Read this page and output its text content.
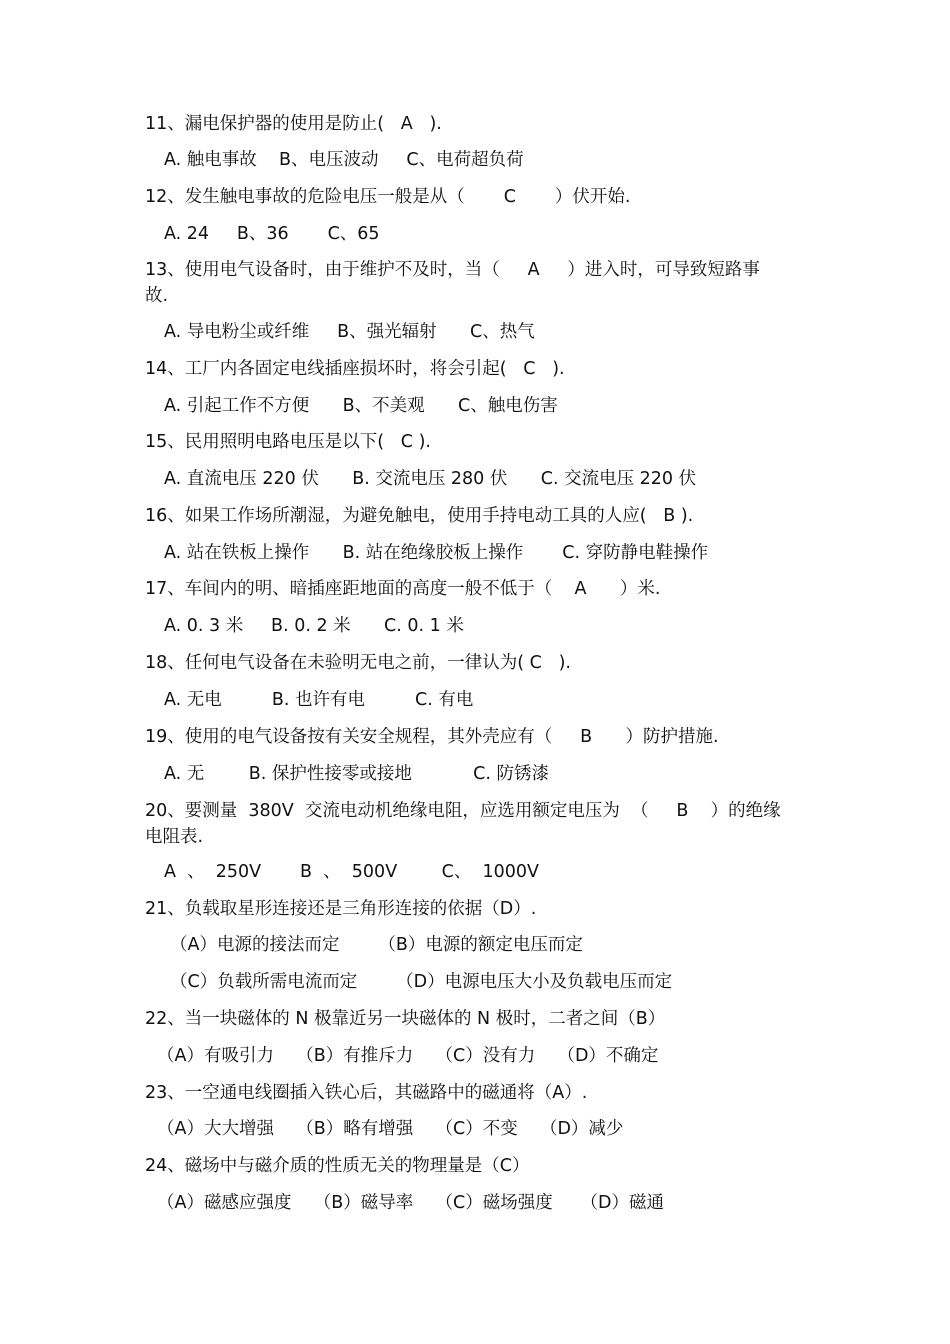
11、漏电保护器的使用是防止(   A   ).
A. 触电事故    B、电压波动     C、电荷超负荷
12、发生触电事故的危险电压一般是从（       C       ）伏开始.
A. 24     B、36       C、65
13、使用电气设备时，由于维护不及时，当（     A     ）进入时，可导致短路事
故.
A. 导电粉尘或纤维     B、强光辐射      C、热气
14、工厂内各固定电线插座损坏时，将会引起(   C   ).
A. 引起工作不方便      B、不美观      C、触电伤害
15、民用照明电路电压是以下(   C ).
A. 直流电压 220 伏      B. 交流电压 280 伏      C. 交流电压 220 伏
16、如果工作场所潮湿，为避免触电，使用手持电动工具的人应(   B ).
A. 站在铁板上操作      B. 站在绝缘胶板上操作       C. 穿防静电鞋操作
17、车间内的明、暗插座距地面的高度一般不低于（    A      ）米.
A. 0. 3 米     B. 0. 2 米      C. 0. 1 米
18、任何电气设备在未验明无电之前，一律认为( C   ).
A. 无电         B. 也许有电         C. 有电
19、使用的电气设备按有关安全规程，其外壳应有（     B      ）防护措施.
A. 无        B. 保护性接零或接地           C. 防锈漆
20、要测量  380V  交流电动机绝缘电阻，应选用额定电压为  （     B    ）的绝缘
电阻表.
A  、  250V       B  、  500V        C、  1000V
21、负载取星形连接还是三角形连接的依据（D）.
（A）电源的接法而定       （B）电源的额定电压而定
（C）负载所需电流而定       （D）电源电压大小及负载电压而定
22、当一块磁体的 N 极靠近另一块磁体的 N 极时，二者之间（B）
（A）有吸引力    （B）有推斥力    （C）没有力    （D）不确定
23、一空通电线圈插入铁心后，其磁路中的磁通将（A）.
（A）大大增强    （B）略有增强    （C）不变    （D）减少
24、磁场中与磁介质的性质无关的物理量是（C）
（A）磁感应强度    （B）磁导率    （C）磁场强度     （D）磁通
